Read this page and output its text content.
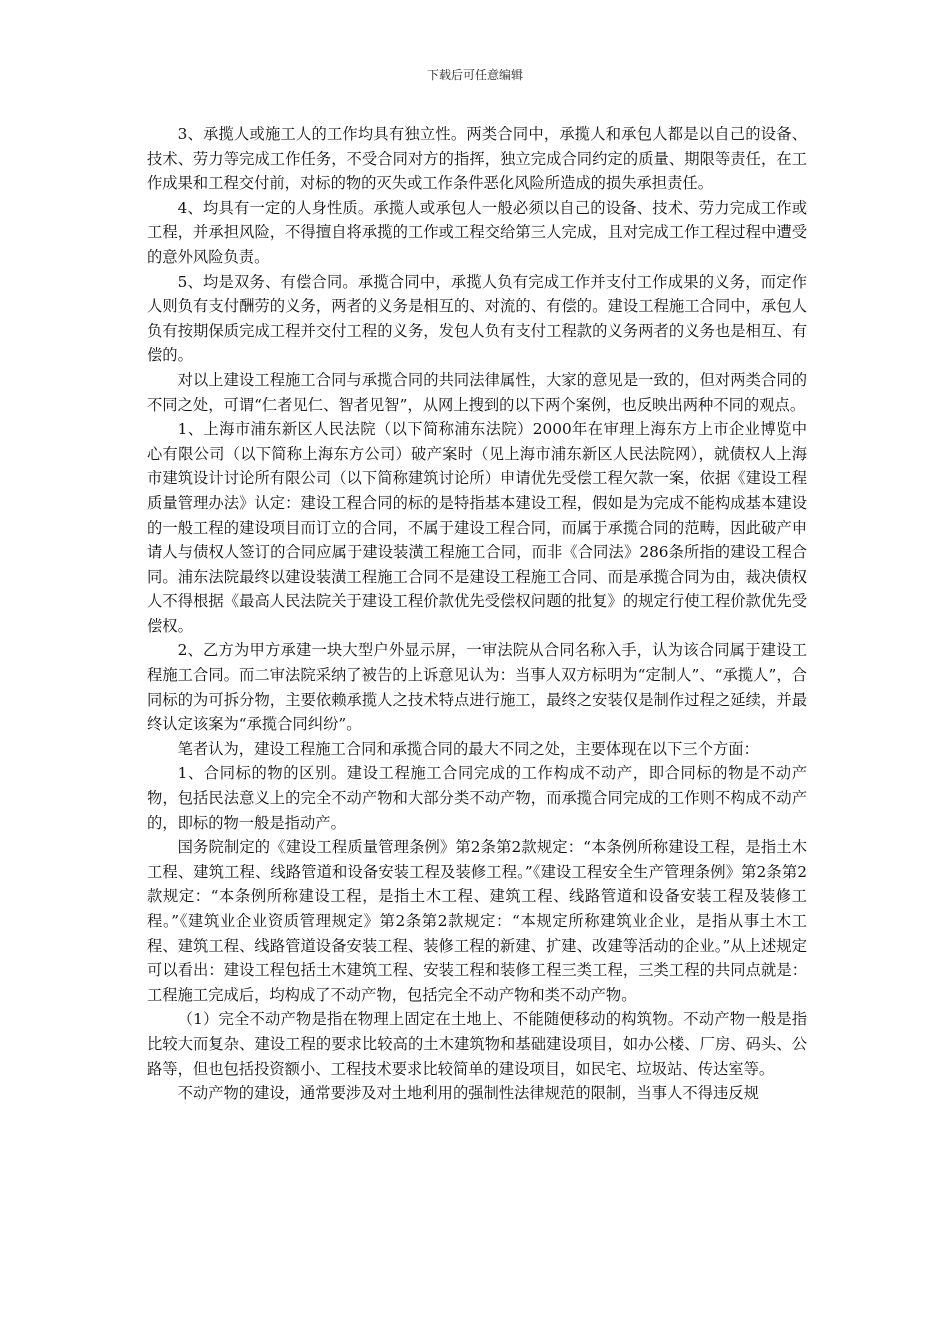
下载后可任意编辑

3、承揽人或施工人的工作均具有独立性。两类合同中，承揽人和承包人都是以自己的设备、技术、劳力等完成工作任务，不受合同对方的指挥，独立完成合同约定的质量、期限等责任，在工作成果和工程交付前，对标的物的灭失或工作条件恶化风险所造成的损失承担责任。

4、均具有一定的人身性质。承揽人或承包人一般必须以自己的设备、技术、劳力完成工作或工程，并承担风险，不得擅自将承揽的工作或工程交给第三人完成，且对完成工作工程过程中遭受的意外风险负责。

5、均是双务、有偿合同。承揽合同中，承揽人负有完成工作并支付工作成果的义务，而定作人则负有支付酬劳的义务，两者的义务是相互的、对流的、有偿的。建设工程施工合同中，承包人负有按期保质完成工程并交付工程的义务，发包人负有支付工程款的义务两者的义务也是相互、有偿的。

对以上建设工程施工合同与承揽合同的共同法律属性，大家的意见是一致的，但对两类合同的不同之处，可谓“仁者见仁、智者见智”，从网上搜到的以下两个案例，也反映出两种不同的观点。

1、上海市浦东新区人民法院（以下简称浦东法院）2000年在审理上海东方上市企业博览中心有限公司（以下简称上海东方公司）破产案时（见上海市浦东新区人民法院网），就债权人上海市建筑设计讨论所有限公司（以下简称建筑讨论所）申请优先受偿工程欠款一案，依据《建设工程质量管理办法》认定：建设工程合同的标的是特指基本建设工程，假如是为完成不能构成基本建设的一般工程的建设项目而订立的合同，不属于建设工程合同，而属于承揽合同的范畴，因此破产申请人与债权人签订的合同应属于建设装潢工程施工合同，而非《合同法》286条所指的建设工程合同。浦东法院最终以建设装潢工程施工合同不是建设工程施工合同、而是承揽合同为由，裁决债权人不得根据《最高人民法院关于建设工程价款优先受偿权问题的批复》的规定行使工程价款优先受偿权。

2、乙方为甲方承建一块大型户外显示屏，一审法院从合同名称入手，认为该合同属于建设工程施工合同。而二审法院采纳了被告的上诉意见认为：当事人双方标明为“定制人”、“承揽人”，合同标的为可拆分物，主要依赖承揽人之技术特点进行施工，最终之安装仅是制作过程之延续，并最终认定该案为“承揽合同纠纷”。

笔者认为，建设工程施工合同和承揽合同的最大不同之处，主要体现在以下三个方面：

1、合同标的物的区别。建设工程施工合同完成的工作构成不动产，即合同标的物是不动产物，包括民法意义上的完全不动产物和大部分类不动产物，而承揽合同完成的工作则不构成不动产的，即标的物一般是指动产。

国务院制定的《建设工程质量管理条例》第2条第2款规定：“本条例所称建设工程，是指土木工程、建筑工程、线路管道和设备安装工程及装修工程。”《建设工程安全生产管理条例》第2条第2款规定：“本条例所称建设工程，是指土木工程、建筑工程、线路管道和设备安装工程及装修工程。”《建筑业企业资质管理规定》第2条第2款规定：“本规定所称建筑业企业，是指从事土木工程、建筑工程、线路管道设备安装工程、装修工程的新建、扩建、改建等活动的企业。”从上述规定可以看出：建设工程包括土木建筑工程、安装工程和装修工程三类工程，三类工程的共同点就是：工程施工完成后，均构成了不动产物，包括完全不动产物和类不动产物。

（1）完全不动产物是指在物理上固定在土地上、不能随便移动的构筑物。不动产物一般是指比较大而复杂、建设工程的要求比较高的土木建筑物和基础建设项目，如办公楼、厂房、码头、公路等，但也包括投资额小、工程技术要求比较简单的建设项目，如民宅、垃圾站、传达室等。

不动产物的建设，通常要涉及对土地利用的强制性法律规范的限制，当事人不得违反规
